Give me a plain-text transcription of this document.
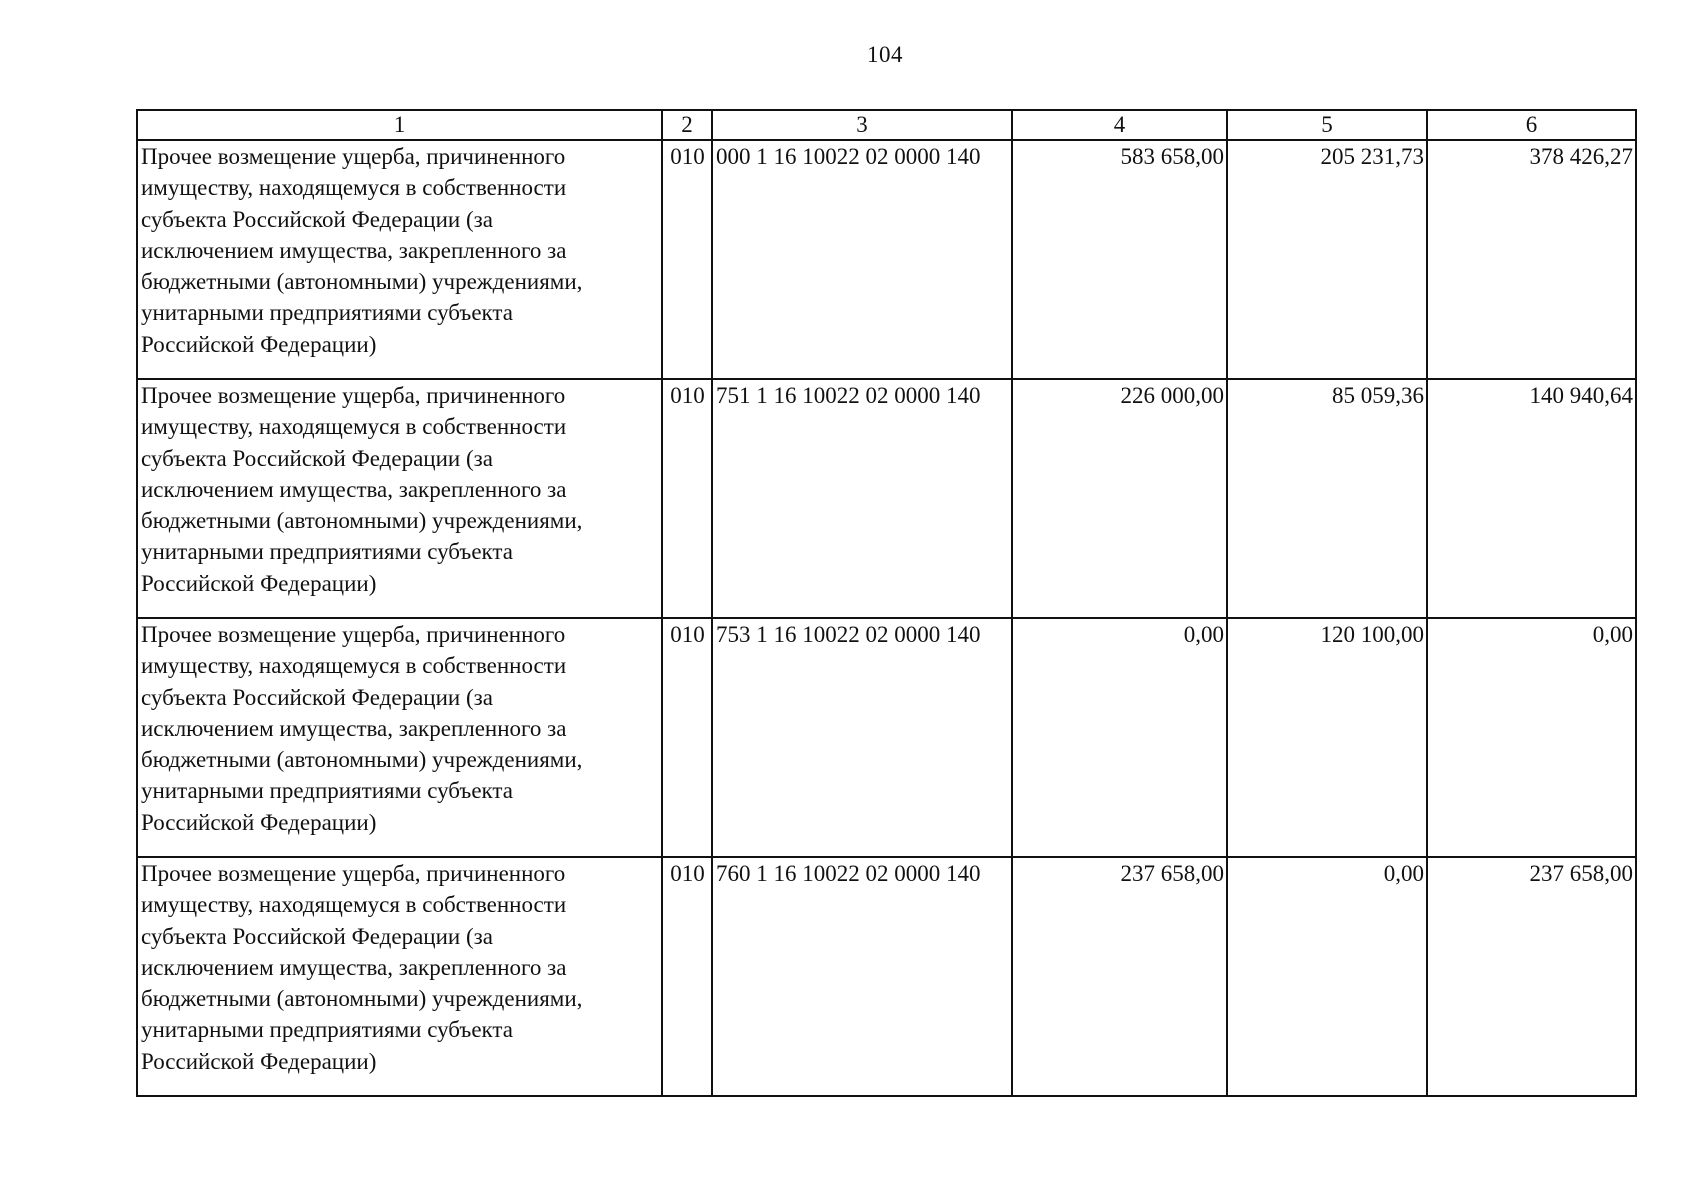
104
1	2	3	4	5	6

Прочее возмещение ущерба, причиненного имуществу, находящемуся в собственности субъекта Российской Федерации (за исключением имущества, закрепленного за бюджетными (автономными) учреждениями, унитарными предприятиями субъекта Российской Федерации)	010	000 1 16 10022 02 0000 140	583 658,00	205 231,73	378 426,27

Прочее возмещение ущерба, причиненного имуществу, находящемуся в собственности субъекта Российской Федерации (за исключением имущества, закрепленного за бюджетными (автономными) учреждениями, унитарными предприятиями субъекта Российской Федерации)	010	751 1 16 10022 02 0000 140	226 000,00	85 059,36	140 940,64

Прочее возмещение ущерба, причиненного имуществу, находящемуся в собственности субъекта Российской Федерации (за исключением имущества, закрепленного за бюджетными (автономными) учреждениями, унитарными предприятиями субъекта Российской Федерации)	010	753 1 16 10022 02 0000 140	0,00	120 100,00	0,00

Прочее возмещение ущерба, причиненного имуществу, находящемуся в собственности субъекта Российской Федерации (за исключением имущества, закрепленного за бюджетными (автономными) учреждениями, унитарными предприятиями субъекта Российской Федерации)	010	760 1 16 10022 02 0000 140	237 658,00	0,00	237 658,00
